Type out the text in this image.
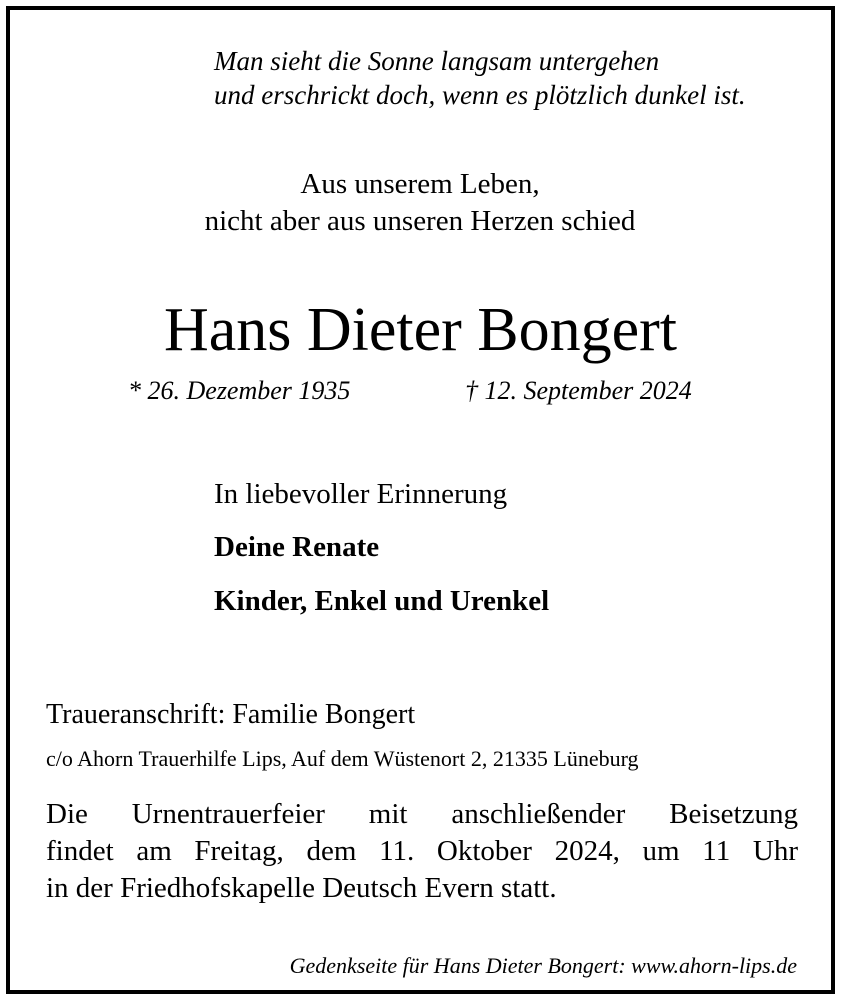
Man sieht die Sonne langsam untergehen
und erschrickt doch, wenn es plötzlich dunkel ist.
Aus unserem Leben,
nicht aber aus unseren Herzen schied
Hans Dieter Bongert
* 26. Dezember 1935	† 12. September 2024
In liebevoller Erinnerung
Deine Renate
Kinder, Enkel und Urenkel
Traueranschrift: Familie Bongert
c/o Ahorn Trauerhilfe Lips, Auf dem Wüstenort 2, 21335 Lüneburg
Die Urnentrauerfeier mit anschließender Beisetzung
findet am Freitag, dem 11. Oktober 2024, um 11 Uhr
in der Friedhofskapelle Deutsch Evern statt.
Gedenkseite für Hans Dieter Bongert: www.ahorn-lips.de
